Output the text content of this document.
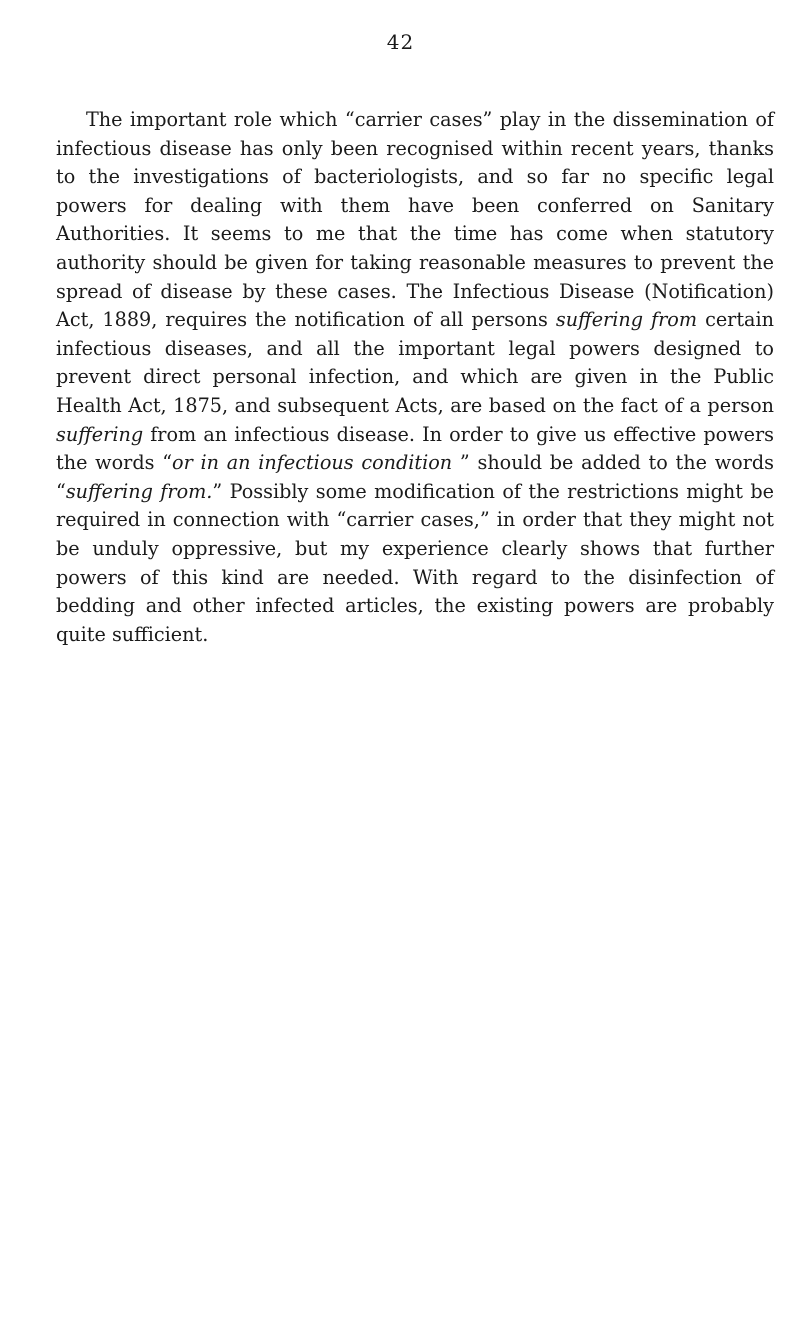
42

The important role which “carrier cases” play in the dissemination of infectious disease has only been recognised within recent years, thanks to the investigations of bacteriologists, and so far no specific legal powers for dealing with them have been conferred on Sanitary Authorities. It seems to me that the time has come when statutory authority should be given for taking reasonable measures to prevent the spread of disease by these cases. The Infectious Disease (Notification) Act, 1889, requires the notification of all persons suffering from certain infectious diseases, and all the important legal powers designed to prevent direct personal infection, and which are given in the Public Health Act, 1875, and subsequent Acts, are based on the fact of a person suffering from an infectious disease. In order to give us effective powers the words “or in an infectious condition ” should be added to the words “suffering from.” Possibly some modification of the restrictions might be required in connection with “carrier cases,” in order that they might not be unduly oppressive, but my experience clearly shows that further powers of this kind are needed. With regard to the disinfection of bedding and other infected articles, the existing powers are probably quite sufficient.
